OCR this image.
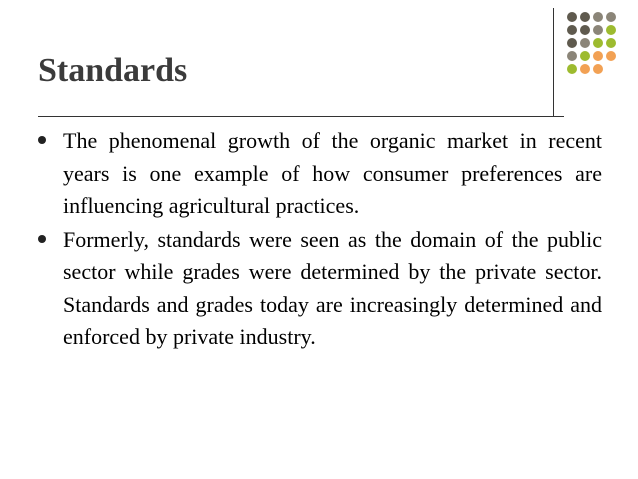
Standards
The phenomenal growth of the organic market in recent years is one example of how consumer preferences are influencing agricultural practices.
Formerly, standards were seen as the domain of the public sector while grades were determined by the private sector. Standards and grades today are increasingly determined and enforced by private industry.
